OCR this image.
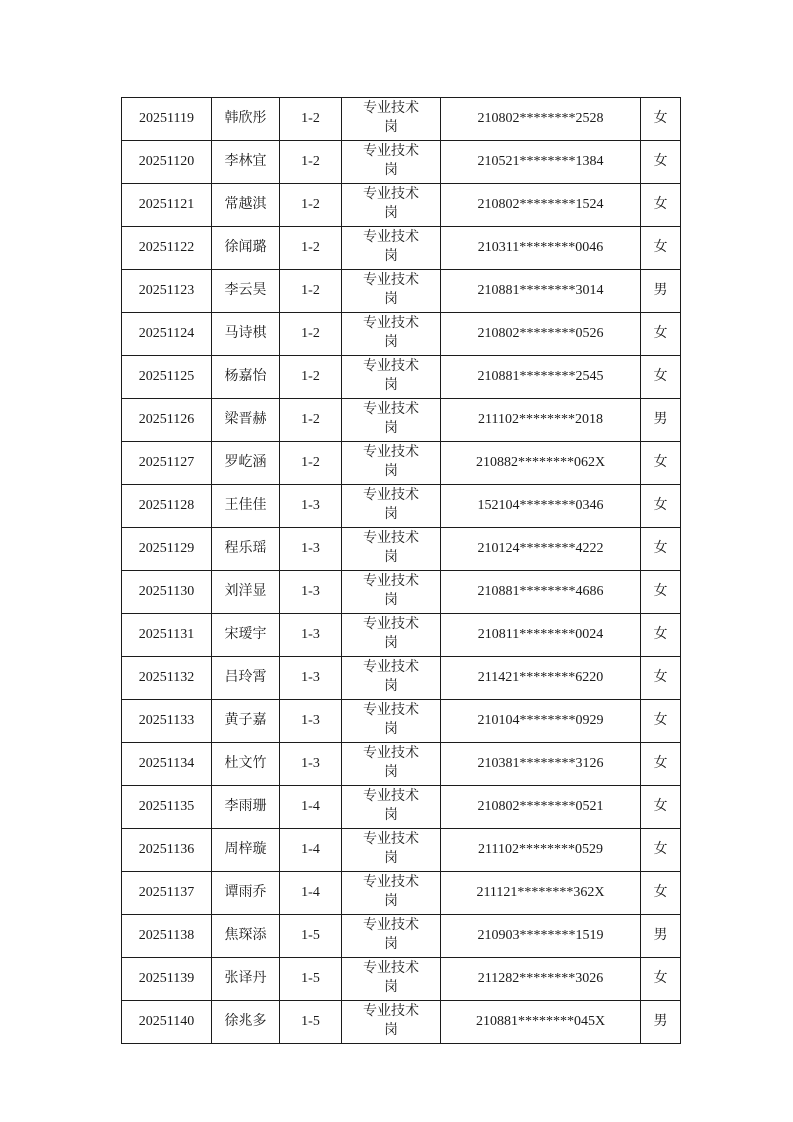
20251119	韩欣彤	1-2	专业技术岗	210802********2528	女
20251120	李林宜	1-2	专业技术岗	210521********1384	女
20251121	常越淇	1-2	专业技术岗	210802********1524	女
20251122	徐闻璐	1-2	专业技术岗	210311********0046	女
20251123	李云昊	1-2	专业技术岗	210881********3014	男
20251124	马诗棋	1-2	专业技术岗	210802********0526	女
20251125	杨嘉怡	1-2	专业技术岗	210881********2545	女
20251126	梁晋赫	1-2	专业技术岗	211102********2018	男
20251127	罗屹涵	1-2	专业技术岗	210882********062X	女
20251128	王佳佳	1-3	专业技术岗	152104********0346	女
20251129	程乐瑶	1-3	专业技术岗	210124********4222	女
20251130	刘洋显	1-3	专业技术岗	210881********4686	女
20251131	宋瑷宇	1-3	专业技术岗	210811********0024	女
20251132	吕玲霄	1-3	专业技术岗	211421********6220	女
20251133	黄子嘉	1-3	专业技术岗	210104********0929	女
20251134	杜文竹	1-3	专业技术岗	210381********3126	女
20251135	李雨珊	1-4	专业技术岗	210802********0521	女
20251136	周梓璇	1-4	专业技术岗	211102********0529	女
20251137	谭雨乔	1-4	专业技术岗	211121********362X	女
20251138	焦琛添	1-5	专业技术岗	210903********1519	男
20251139	张译丹	1-5	专业技术岗	211282********3026	女
20251140	徐兆多	1-5	专业技术岗	210881********045X	男
